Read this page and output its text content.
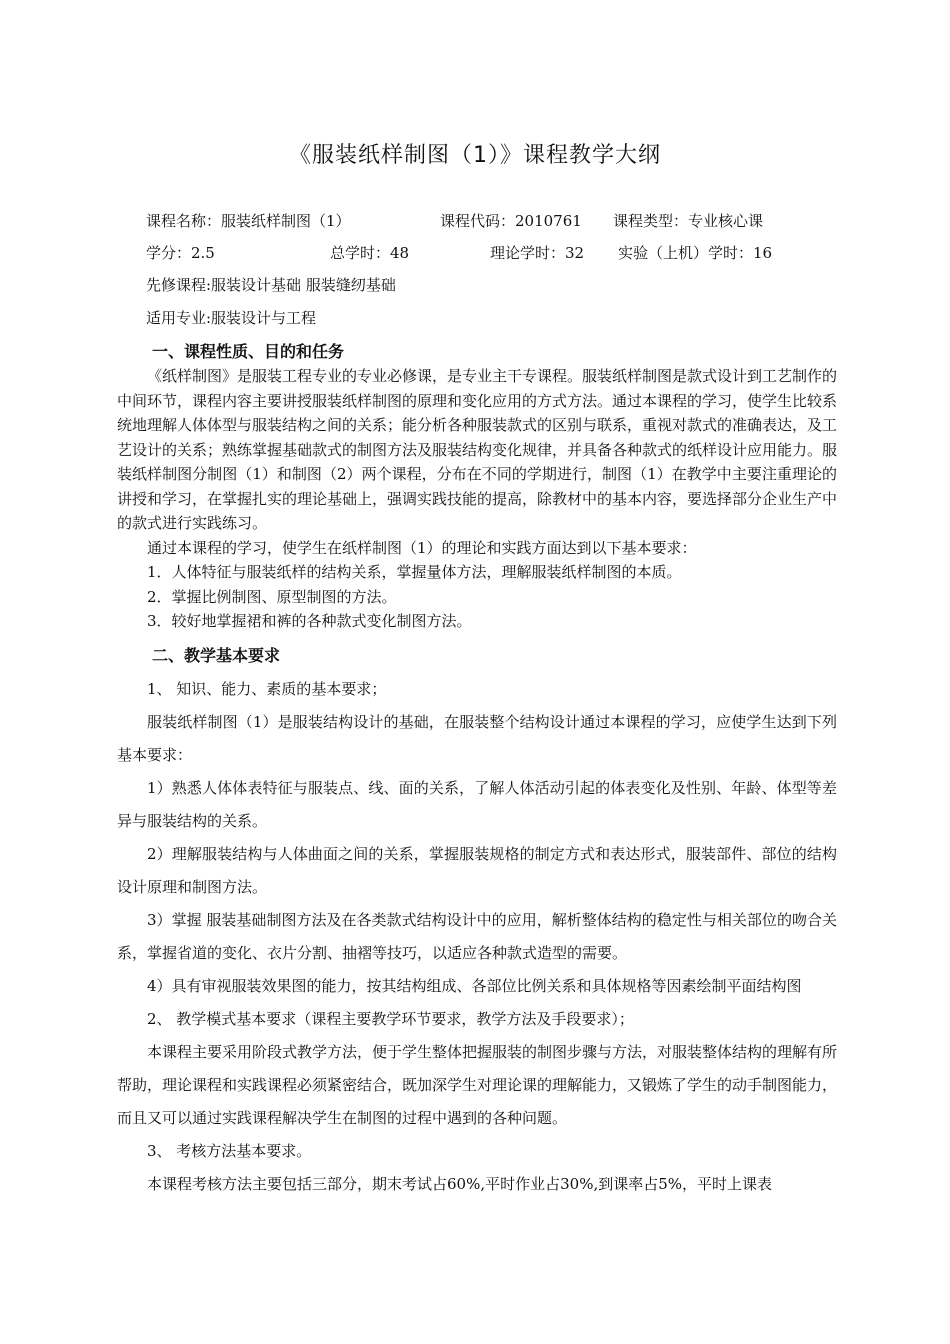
《服装纸样制图（1）》课程教学大纲
课程名称：服装纸样制图（1）	课程代码：2010761 课程类型：专业核心课
学分：2.5	总学时：48	理论学时：32 实验（上机）学时：16
先修课程:服装设计基础 服装缝纫基础
适用专业:服装设计与工程
一、课程性质、目的和任务

《纸样制图》是服装工程专业的专业必修课，是专业主干专课程。服装纸样制图是款式设计到工艺制作的中间环节，课程内容主要讲授服装纸样制图的原理和变化应用的方式方法。通过本课程的学习，使学生比较系统地理解人体体型与服装结构之间的关系；能分析各种服装款式的区别与联系，重视对款式的准确表达，及工艺设计的关系；熟练掌握基础款式的制图方法及服装结构变化规律，并具备各种款式的纸样设计应用能力。服装纸样制图分制图（1）和制图（2）两个课程，分布在不同的学期进行，制图（1）在教学中主要注重理论的讲授和学习，在掌握扎实的理论基础上，强调实践技能的提高，除教材中的基本内容，要选择部分企业生产中的款式进行实践练习。

通过本课程的学习，使学生在纸样制图（1）的理论和实践方面达到以下基本要求：

1．人体特征与服装纸样的结构关系，掌握量体方法，理解服装纸样制图的本质。

2．掌握比例制图、原型制图的方法。

3．较好地掌握裙和裤的各种款式变化制图方法。

二、教学基本要求

1、 知识、能力、素质的基本要求；

服装纸样制图（1）是服装结构设计的基础，在服装整个结构设计通过本课程的学习，应使学生达到下列基本要求：

1）熟悉人体体表特征与服装点、线、面的关系，了解人体活动引起的体表变化及性别、年龄、体型等差异与服装结构的关系。

2）理解服装结构与人体曲面之间的关系，掌握服装规格的制定方式和表达形式，服装部件、部位的结构设计原理和制图方法。

3）掌握 服装基础制图方法及在各类款式结构设计中的应用，解析整体结构的稳定性与相关部位的吻合关系，掌握省道的变化、衣片分割、抽褶等技巧，以适应各种款式造型的需要。

4）具有审视服装效果图的能力，按其结构组成、各部位比例关系和具体规格等因素绘制平面结构图

2、 教学模式基本要求（课程主要教学环节要求，教学方法及手段要求）；

本课程主要采用阶段式教学方法，便于学生整体把握服装的制图步骤与方法，对服装整体结构的理解有所帮助，理论课程和实践课程必须紧密结合，既加深学生对理论课的理解能力，又锻炼了学生的动手制图能力，而且又可以通过实践课程解决学生在制图的过程中遇到的各种问题。

3、 考核方法基本要求。

本课程考核方法主要包括三部分，期末考试占60%,平时作业占30%,到课率占5%，平时上课表
